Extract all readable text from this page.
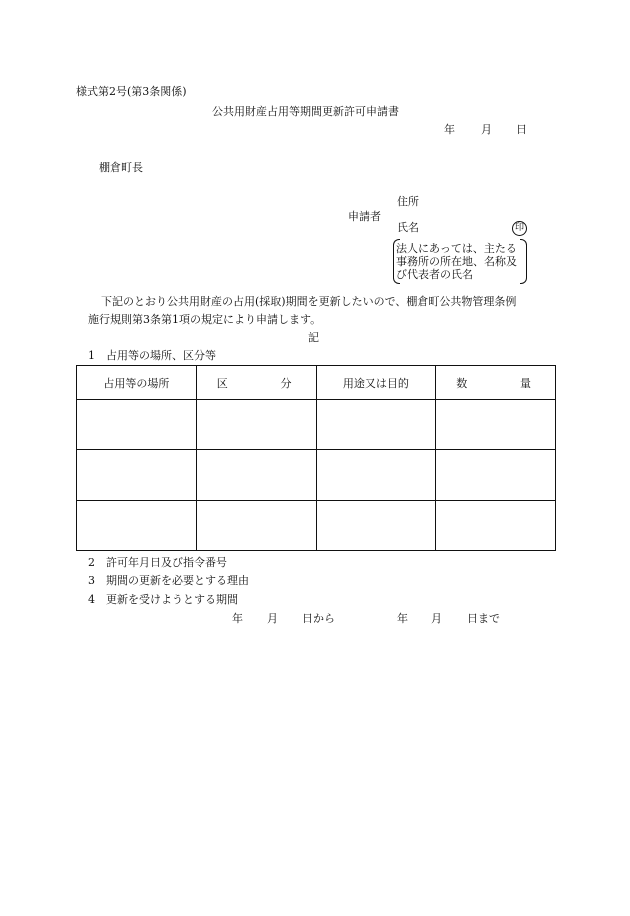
様式第2号(第3条関係)
公共用財産占用等期間更新許可申請書
年 月 日
棚倉町長
申請者
住所
氏名	印
法人にあっては、主たる
事務所の所在地、名称及
び代表者の氏名
下記のとおり公共用財産の占用(採取)期間を更新したいので、棚倉町公共物管理条例
施行規則第3条第1項の規定により申請します。
記
1　占用等の場所、区分等
占用等の場所	区 分	用途又は目的	数 量

2　許可年月日及び指令番号
3　期間の更新を必要とする理由
4　更新を受けようとする期間
年 月 日から	年 月 日まで
